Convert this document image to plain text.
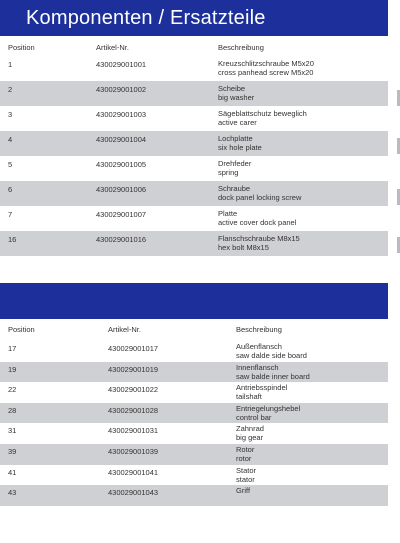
Komponenten / Ersatzteile
Position	Artikel-Nr.	Beschreibung
1	430029001001	Kreuzschlitzschraube M5x20
cross panhead screw M5x20
2	430029001002	Scheibe
big washer
3	430029001003	Sägeblattschutz beweglich
active carer
4	430029001004	Lochplatte
six hole plate
5	430029001005	Drehfeder
spring
6	430029001006	Schraube
dock panel locking screw
7	430029001007	Platte
active cover dock panel
16	430029001016	Flanschschraube M8x15
hex bolt M8x15
Position	Artikel-Nr.	Beschreibung
17	430029001017	Außenflansch
saw dalde side board
19	430029001019	Innenflansch
saw balde inner board
22	430029001022	Antriebsspindel
tailshaft
28	430029001028	Entriegelungshebel
control bar
31	430029001031	Zahnrad
big gear
39	430029001039	Rotor
rotor
41	430029001041	Stator
stator
43	430029001043	Griff
